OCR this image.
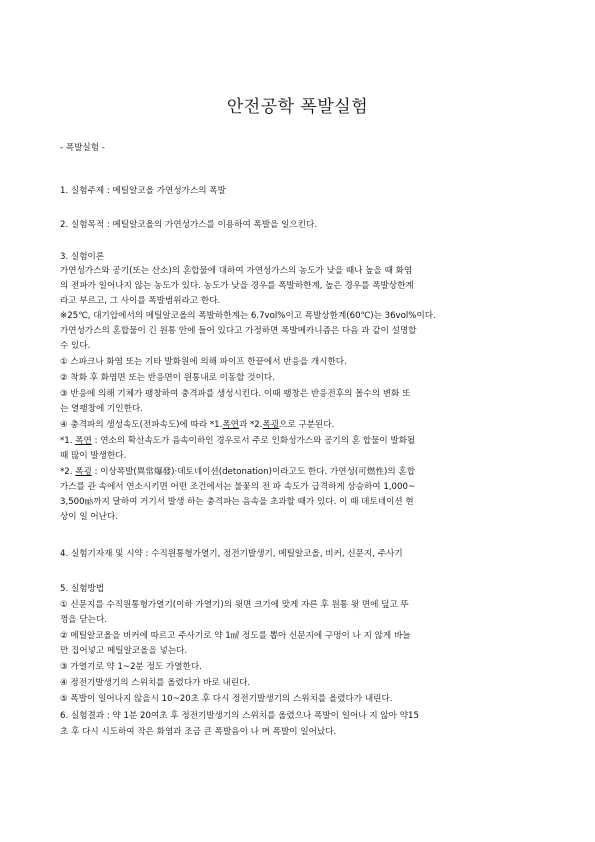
안전공학 폭발실험
- 폭발실험 -
1. 실험주제 : 메틸알코올 가연성가스의 폭발
2. 실험목적 : 메틸알코올의 가연성가스를 이용하여 폭발을 일으킨다.
3. 실험이론
가연성가스와 공기(또는 산소)의 혼합물에 대하여 가연성가스의 농도가 낮을 때나 높을 때 화염
의 전파가 일어나지 않는 농도가 있다. 농도가 낮을 경우를 폭발하한계, 높은 경우를 폭발상한계
라고 부르고, 그 사이를 폭발범위라고 한다.
※25℃, 대기압에서의 메틸알코올의 폭발하한계는 6.7vol%이고 폭발상한계(60℃)는 36vol%이다.
가연성가스의 혼합물이 긴 원통 안에 들어 있다고 가정하면 폭발메카니즘은 다음 과 같이 설명할
수 있다.
① 스파크나 화염 또는 기타 발화원에 의해 파이프 한끝에서 반응을 개시한다.
② 착화 후 화염면 또는 반응면이 원통내로 이동할 것이다.
③ 반응에 의해 기체가 팽창하여 충격파를 생성시킨다. 이때 팽창은 반응전후의 몰수의 변화 또
는 열팽창에 기인한다.
④ 충격파의 생성속도(전파속도)에 따라 *1.폭연과 *2.폭굉으로 구분된다.
*1. 폭연 : 연소의 확산속도가 음속이하인 경우로서 주로 인화성가스와 공기의 혼 합물이 발화될
때 많이 발생한다.
*2. 폭굉 : 이상폭발(異常爆發)·데토네이션(detonation)이라고도 한다. 가연성(可燃性)의 혼합
가스를 관 속에서 연소시키면 어떤 조건에서는 불꽃의 전 파 속도가 급격하게 상승하여 1,000~
3,500㎧까지 달하여 거기서 발생 하는 충격파는 음속을 초과할 때가 있다. 이 때 데토네이션 현
상이 일 어난다.
4. 실험기자재 및 시약 : 수직원통형가열기, 정전기발생기, 메틸알코올, 비커, 신문지, 주사기
5. 실험방법
① 신문지를 수직원통형가열기(이하 가열기)의 윗면 크기에 맞게 자른 후 원통 윗 면에 덮고 뚜
껑을 닫는다.
② 메틸알코올을 비커에 따르고 주사기로 약 1㎖ 정도를 뽑아 신문지에 구멍이 나 지 않게 바늘
만 집어넣고 메틸알코올을 넣는다.
③ 가열기로 약 1~2분 정도 가열한다.
④ 정전기발생기의 스위치를 올렸다가 바로 내린다.
⑤ 폭발이 일어나지 않을시 10~20초 후 다시 정전기발생기의 스위치를 올렸다가 내린다.
6. 실험결과 : 약 1분 20여초 후 정전기발생기의 스위치를 올렸으나 폭발이 일어나 지 않아 약15
초 후 다시 시도하여 작은 화염과 조금 큰 폭발음이 나 며 폭발이 일어났다.
